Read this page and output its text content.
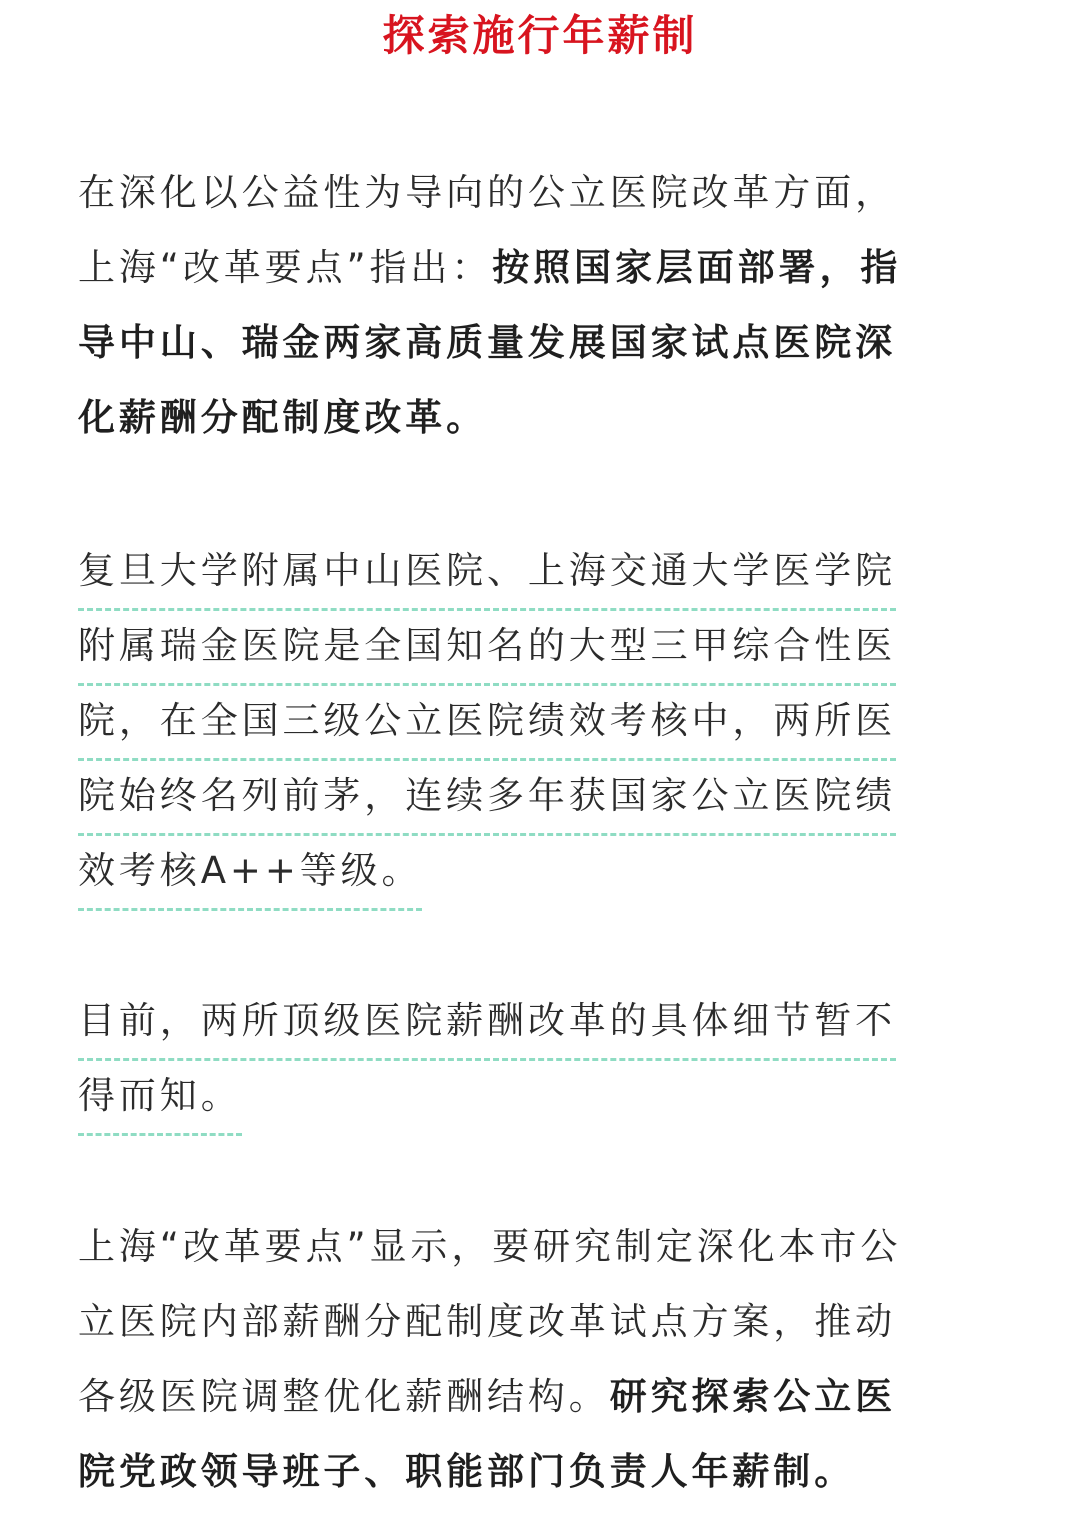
探索施行年薪制
在深化以公益性为导向的公立医院改革方面，
上海“改革要点”指出：按照国家层面部署，指
导中山、瑞金两家高质量发展国家试点医院深
化薪酬分配制度改革。
复旦大学附属中山医院、上海交通大学医学院
附属瑞金医院是全国知名的大型三甲综合性医
院，在全国三级公立医院绩效考核中，两所医
院始终名列前茅，连续多年获国家公立医院绩
效考核A++等级。
目前，两所顶级医院薪酬改革的具体细节暂不
得而知。
上海“改革要点”显示，要研究制定深化本市公
立医院内部薪酬分配制度改革试点方案，推动
各级医院调整优化薪酬结构。研究探索公立医
院党政领导班子、职能部门负责人年薪制。
